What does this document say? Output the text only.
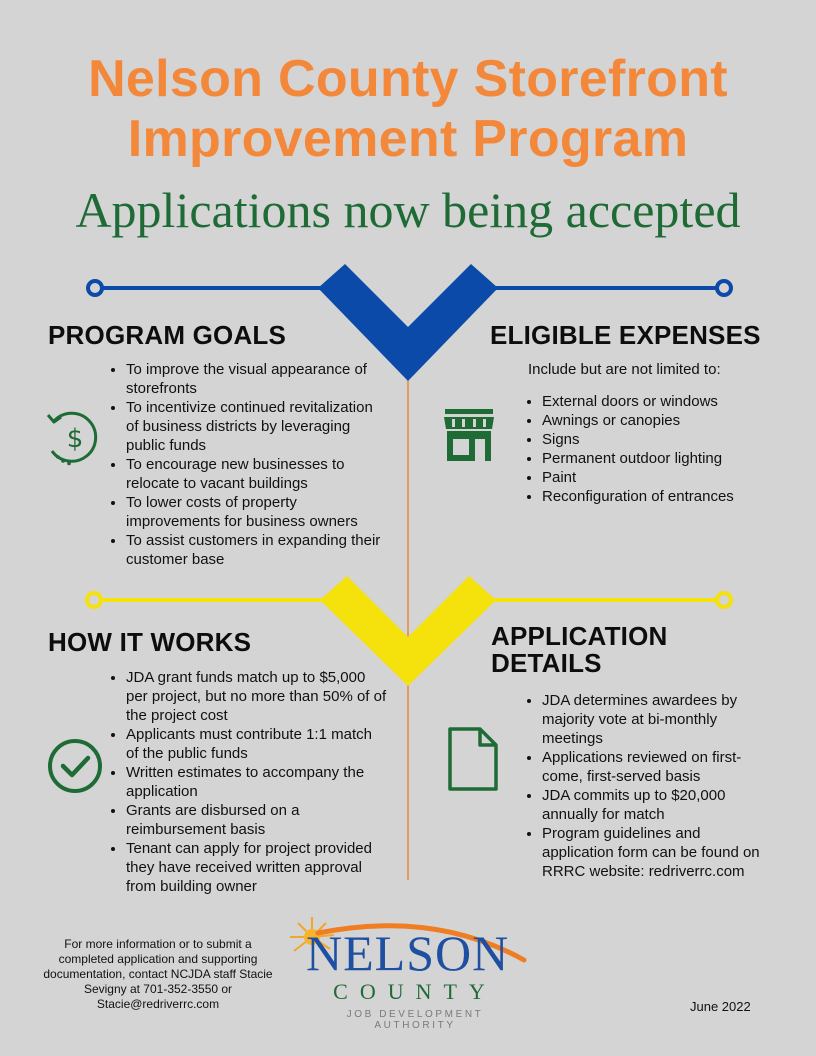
Nelson County Storefront
Improvement Program
Applications now being accepted
PROGRAM GOALS
$
• To improve the visual appearance of storefronts
• To incentivize continued revitalization of business districts by leveraging public funds
• To encourage new businesses to relocate to vacant buildings
• To lower costs of property improvements for business owners
• To assist customers in expanding their customer base
ELIGIBLE EXPENSES
Include but are not limited to:
• External doors or windows
• Awnings or canopies
• Signs
• Permanent outdoor lighting
• Paint
• Reconfiguration of entrances
HOW IT WORKS
• JDA grant funds match up to $5,000 per project, but no more than 50% of of the project cost
• Applicants must contribute 1:1 match of the public funds
• Written estimates to accompany the application
• Grants are disbursed on a reimbursement basis
• Tenant can apply for project provided they have received written approval from building owner
APPLICATION
DETAILS
• JDA determines awardees by majority vote at bi-monthly meetings
• Applications reviewed on first-come, first-served basis
• JDA commits up to $20,000 annually for match
• Program guidelines and application form can be found on RRRC website: redriverrc.com
For more information or to submit a completed application and supporting documentation, contact NCJDA staff Stacie Sevigny at 701-352-3550 or Stacie@redriverrc.com
NELSON
COUNTY
JOB DEVELOPMENT AUTHORITY
June 2022
